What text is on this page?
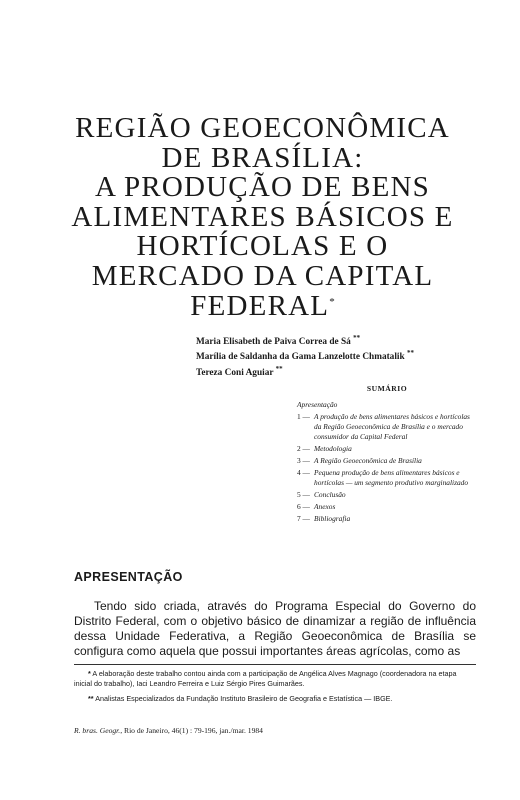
REGIÃO GEOECONÔMICA
DE BRASÍLIA:
A PRODUÇÃO DE BENS
ALIMENTARES BÁSICOS E
HORTÍCOLAS E O
MERCADO DA CAPITAL
FEDERAL*
Maria Elisabeth de Paiva Correa de Sá **
Marília de Saldanha da Gama Lanzelotte Chmatalik **
Tereza Coni Aguiar **
SUMÁRIO
Apresentação
1 — A produção de bens alimentares básicos e hortícolas da Região Geoeconômica de Brasília e o mercado consumidor da Capital Federal
2 — Metodologia
3 — A Região Geoeconômica de Brasília
4 — Pequena produção de bens alimentares básicos e hortícolas — um segmento produtivo marginalizado
5 — Conclusão
6 — Anexos
7 — Bibliografia
APRESENTAÇÃO

Tendo sido criada, através do Programa Especial do Governo do Distrito Federal, com o objetivo básico de dinamizar a região de influência dessa Unidade Federativa, a Região Geoeconômica de Brasília se configura como aquela que possui importantes áreas agrícolas, como as

* A elaboração deste trabalho contou ainda com a participação de Angélica Alves Magnago (coordenadora na etapa inicial do trabalho), Iaci Leandro Ferreira e Luiz Sérgio Pires Guimarães.
** Analistas Especializados da Fundação Instituto Brasileiro de Geografia e Estatística — IBGE.
R. bras. Geogr., Rio de Janeiro, 46(1) : 79-196, jan./mar. 1984
